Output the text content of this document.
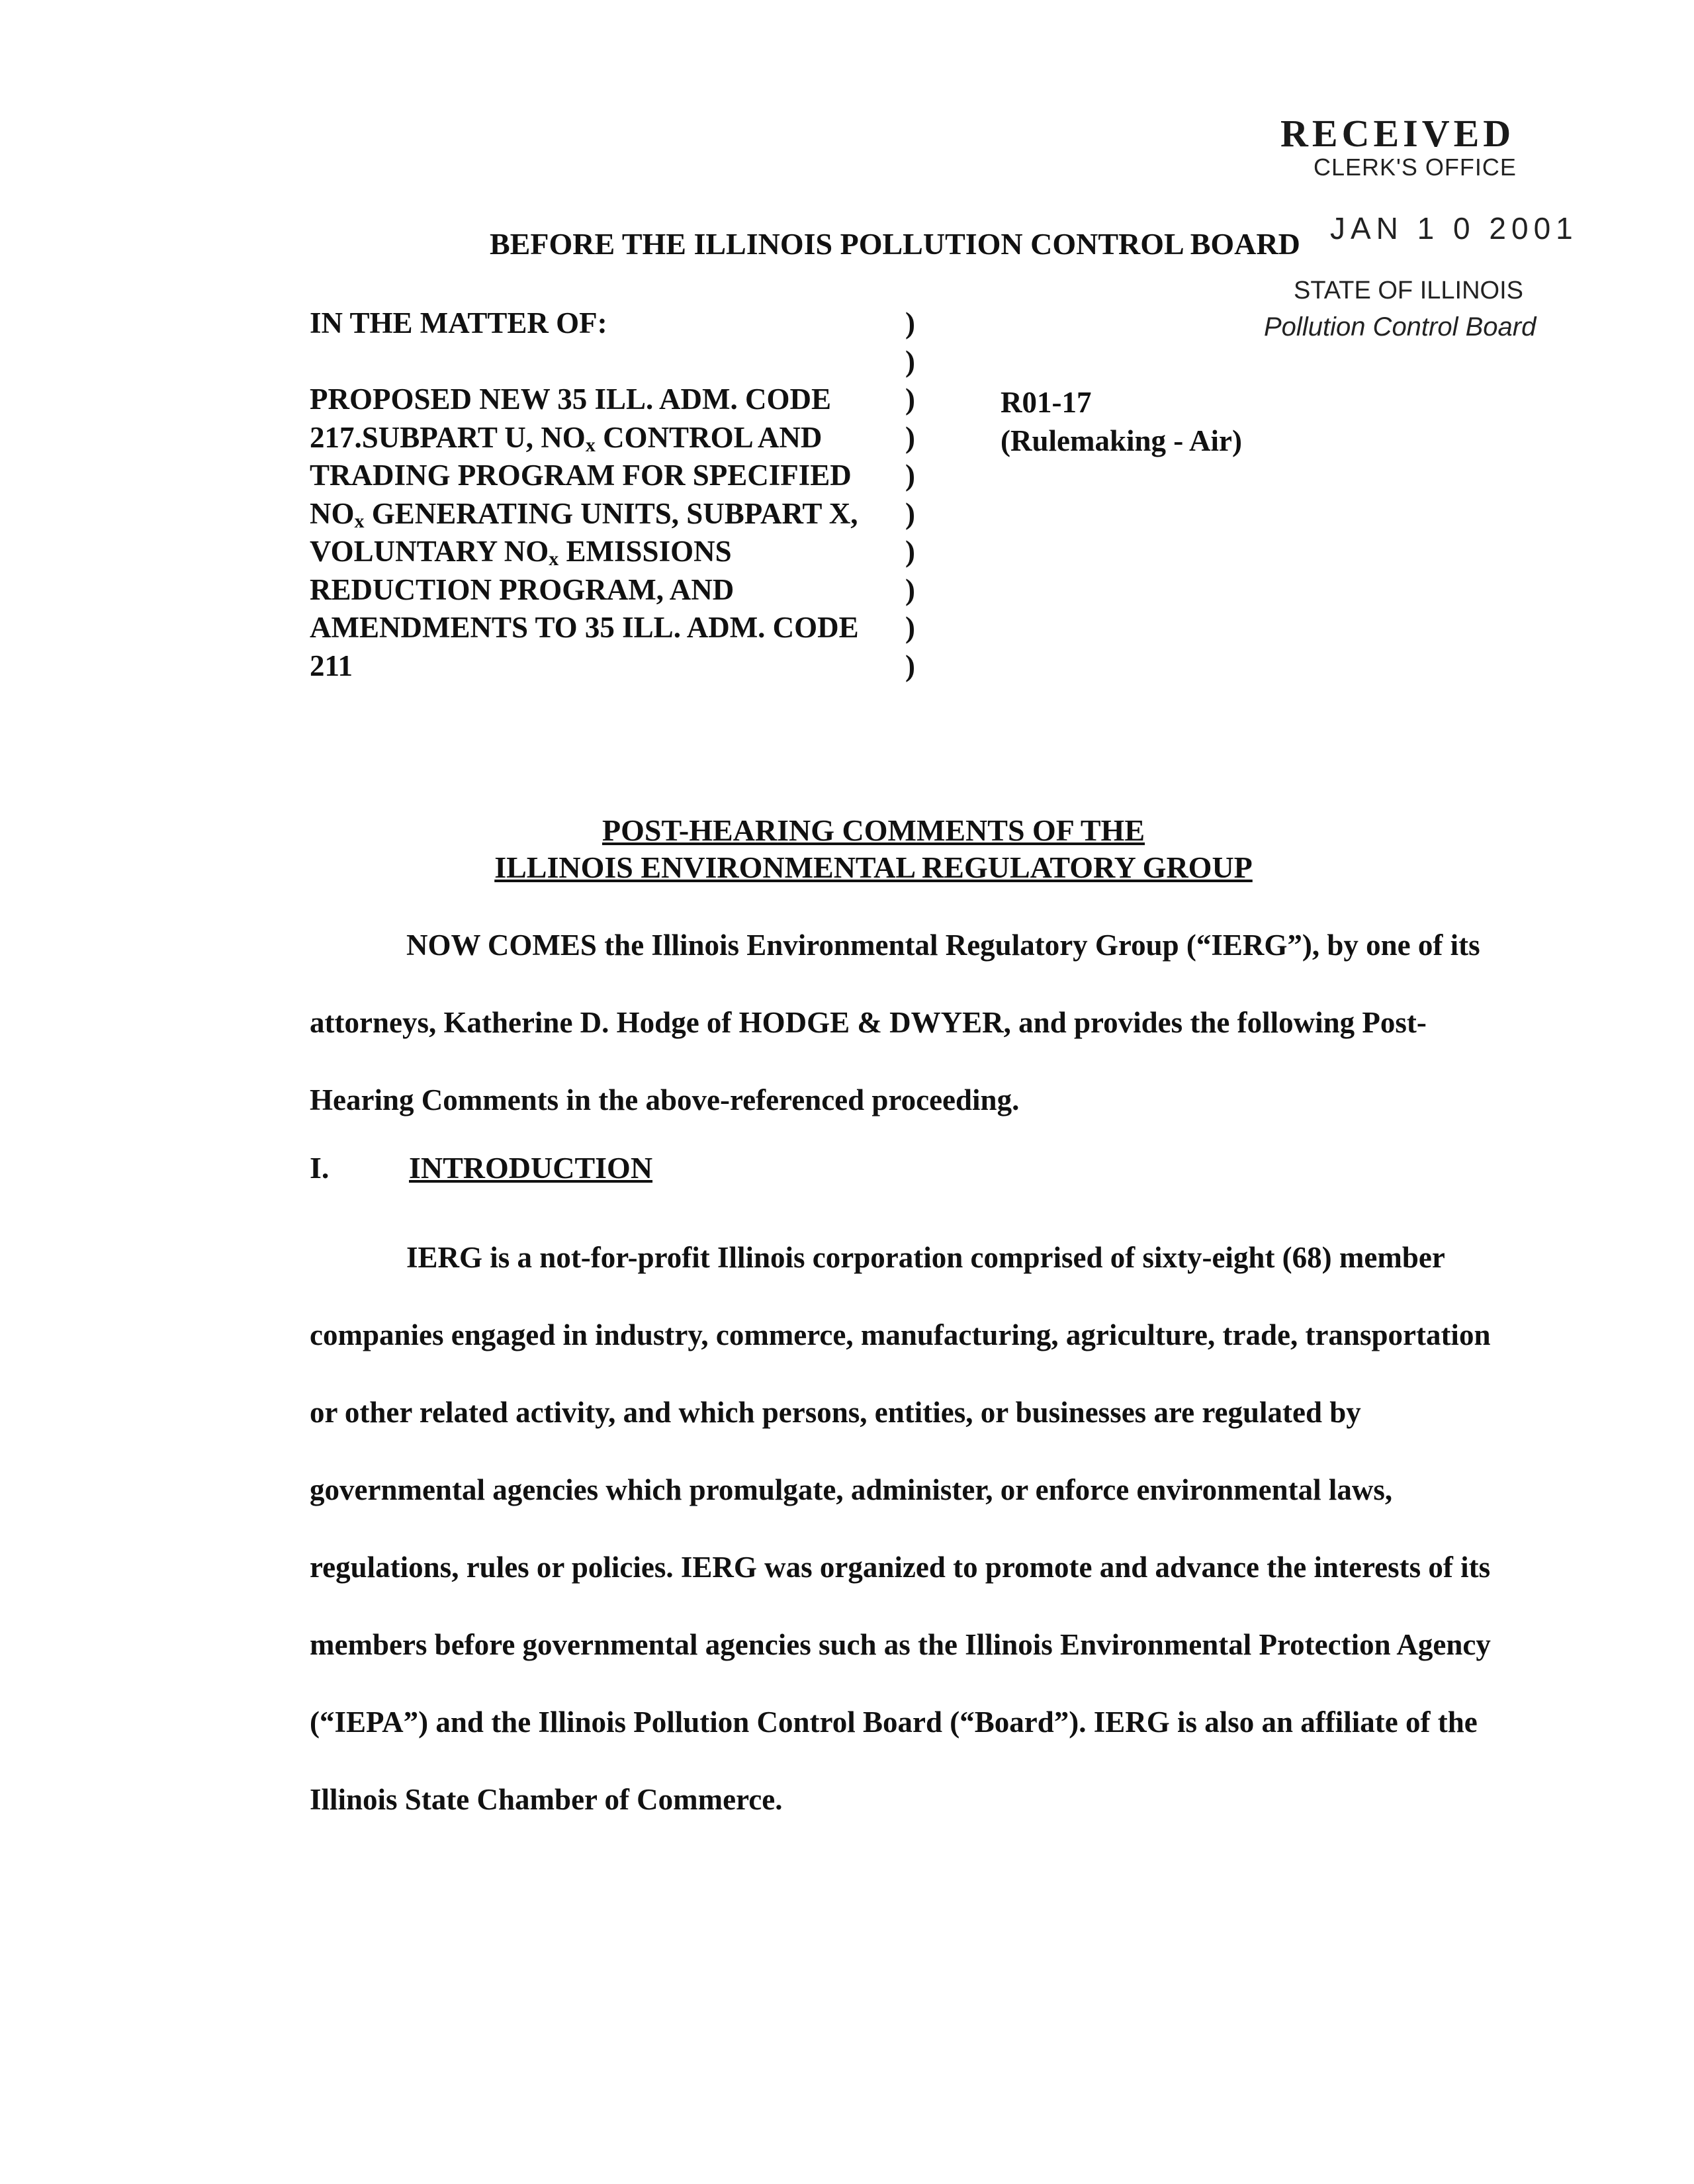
RECEIVED
CLERK'S OFFICE
JAN 1 0 2001
STATE OF ILLINOIS
Pollution Control Board
BEFORE THE ILLINOIS POLLUTION CONTROL BOARD
IN THE MATTER OF:	)
)
PROPOSED NEW 35 ILL. ADM. CODE )
217.SUBPART U, $NO_x$ CONTROL AND	)
TRADING PROGRAM FOR SPECIFIED )
$NO_x$ GENERATING UNITS, SUBPART X, )
VOLUNTARY $NO_x$ EMISSIONS	)
REDUCTION PROGRAM, AND	)
AMENDMENTS TO 35 ILL. ADM. CODE )
211	)
R01-17
(Rulemaking - Air)
POST-HEARING COMMENTS OF THE
ILLINOIS ENVIRONMENTAL REGULATORY GROUP
NOW COMES the Illinois Environmental Regulatory Group (“IERG”), by one of its attorneys, Katherine D. Hodge of HODGE & DWYER, and provides the following Post-Hearing Comments in the above-referenced proceeding.
I.	INTRODUCTION
IERG is a not-for-profit Illinois corporation comprised of sixty-eight (68) member companies engaged in industry, commerce, manufacturing, agriculture, trade, transportation or other related activity, and which persons, entities, or businesses are regulated by governmental agencies which promulgate, administer, or enforce environmental laws, regulations, rules or policies. IERG was organized to promote and advance the interests of its members before governmental agencies such as the Illinois Environmental Protection Agency (“IEPA”) and the Illinois Pollution Control Board (“Board”). IERG is also an affiliate of the Illinois State Chamber of Commerce.
